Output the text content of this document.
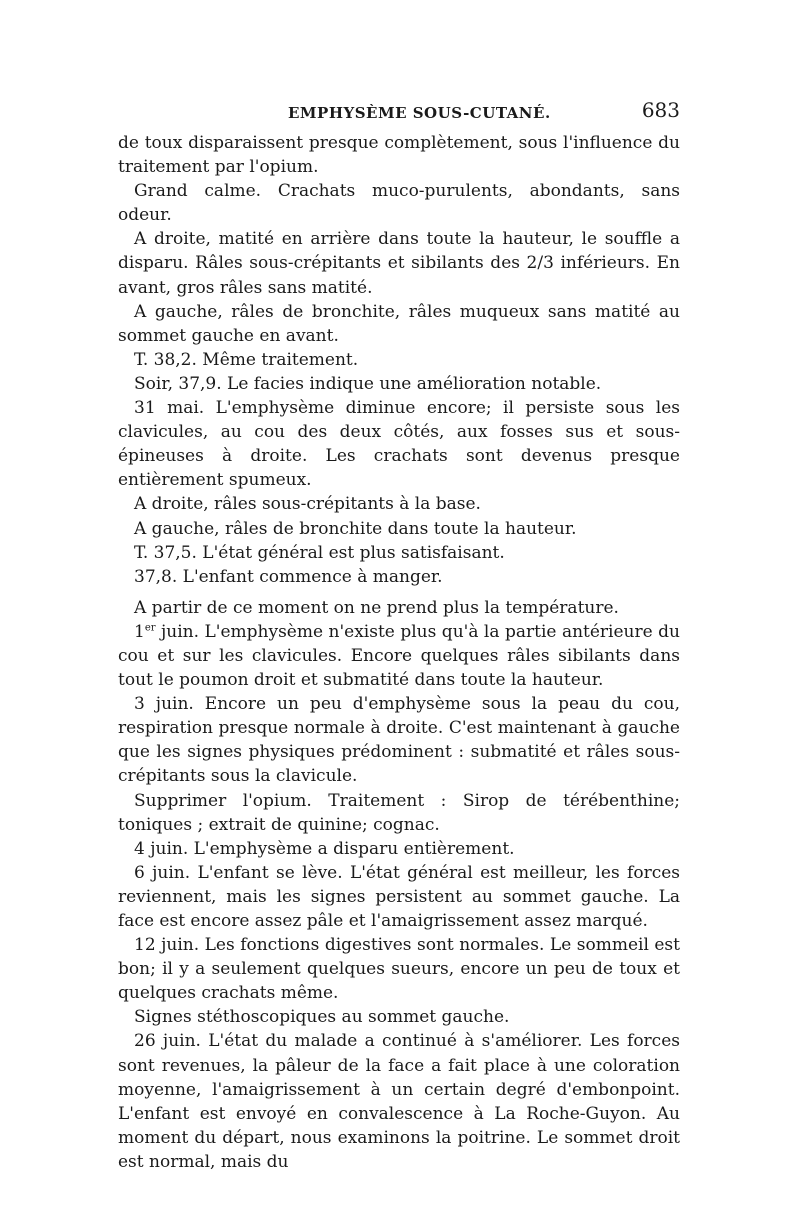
EMPHYSÈME SOUS-CUTANÉ.	683

de toux disparaissent presque complètement, sous l'influence du traitement par l'opium.

Grand calme. Crachats muco-purulents, abondants, sans odeur.

A droite, matité en arrière dans toute la hauteur, le souffle a disparu. Râles sous-crépitants et sibilants des 2/3 inférieurs. En avant, gros râles sans matité.

A gauche, râles de bronchite, râles muqueux sans matité au sommet gauche en avant.

T. 38,2. Même traitement.

Soir, 37,9. Le facies indique une amélioration notable.

31 mai. L'emphysème diminue encore; il persiste sous les clavicules, au cou des deux côtés, aux fosses sus et sous-épineuses à droite. Les crachats sont devenus presque entièrement spumeux.

A droite, râles sous-crépitants à la base.

A gauche, râles de bronchite dans toute la hauteur.

T. 37,5. L'état général est plus satisfaisant.

37,8. L'enfant commence à manger.

A partir de ce moment on ne prend plus la température.

1er juin. L'emphysème n'existe plus qu'à la partie antérieure du cou et sur les clavicules. Encore quelques râles sibilants dans tout le poumon droit et submatité dans toute la hauteur.

3 juin. Encore un peu d'emphysème sous la peau du cou, respiration presque normale à droite. C'est maintenant à gauche que les signes physiques prédominent : submatité et râles sous-crépitants sous la clavicule.

Supprimer l'opium. Traitement : Sirop de térébenthine; toniques ; extrait de quinine; cognac.

4 juin. L'emphysème a disparu entièrement.

6 juin. L'enfant se lève. L'état général est meilleur, les forces reviennent, mais les signes persistent au sommet gauche. La face est encore assez pâle et l'amaigrissement assez marqué.

12 juin. Les fonctions digestives sont normales. Le sommeil est bon; il y a seulement quelques sueurs, encore un peu de toux et quelques crachats même.

Signes stéthoscopiques au sommet gauche.

26 juin. L'état du malade a continué à s'améliorer. Les forces sont revenues, la pâleur de la face a fait place à une coloration moyenne, l'amaigrissement à un certain degré d'embonpoint. L'enfant est envoyé en convalescence à La Roche-Guyon. Au moment du départ, nous examinons la poitrine. Le sommet droit est normal, mais du
